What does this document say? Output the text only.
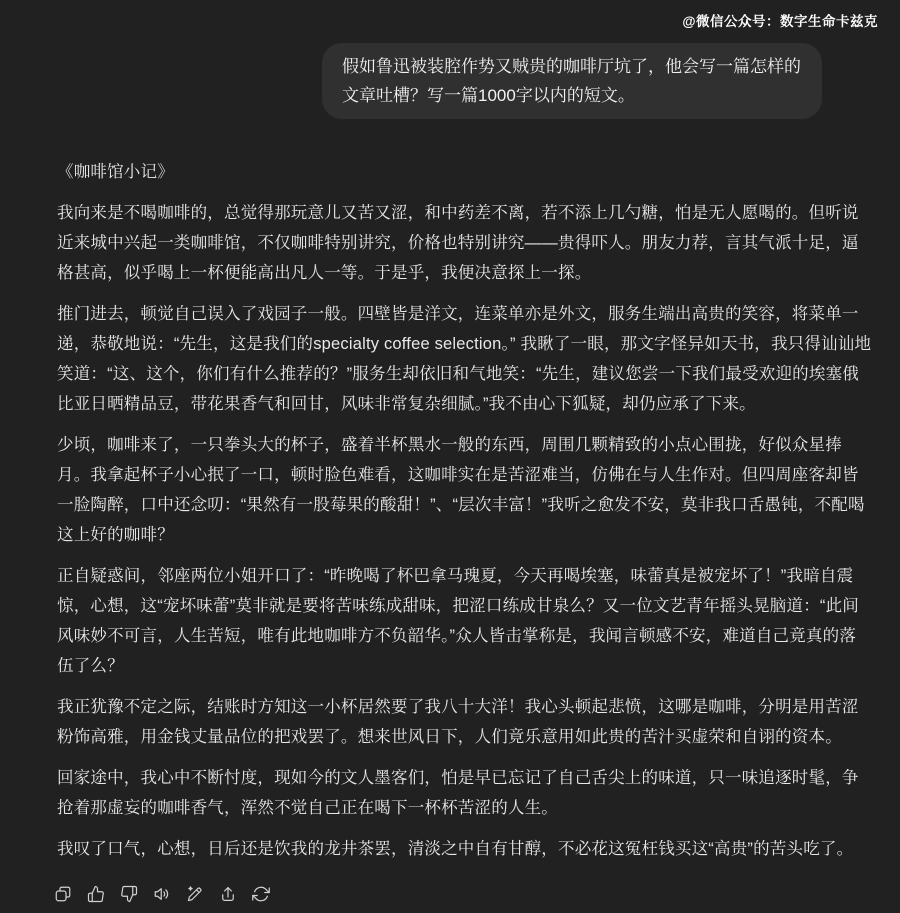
@微信公众号：数字生命卡兹克
假如鲁迅被装腔作势又贼贵的咖啡厅坑了，他会写一篇怎样的文章吐槽？写一篇1000字以内的短文。

《咖啡馆小记》

我向来是不喝咖啡的，总觉得那玩意儿又苦又涩，和中药差不离，若不添上几勺糖，怕是无人愿喝的。但听说近来城中兴起一类咖啡馆，不仅咖啡特别讲究，价格也特别讲究——贵得吓人。朋友力荐，言其气派十足，逼格甚高，似乎喝上一杯便能高出凡人一等。于是乎，我便决意探上一探。

推门进去，顿觉自己误入了戏园子一般。四壁皆是洋文，连菜单亦是外文，服务生端出高贵的笑容，将菜单一递，恭敬地说：“先生，这是我们的specialty coffee selection。” 我瞅了一眼，那文字怪异如天书，我只得讪讪地笑道：“这、这个，你们有什么推荐的？”服务生却依旧和气地笑：“先生，建议您尝一下我们最受欢迎的埃塞俄比亚日晒精品豆，带花果香气和回甘，风味非常复杂细腻。”我不由心下狐疑，却仍应承了下来。

少顷，咖啡来了，一只拳头大的杯子，盛着半杯黑水一般的东西，周围几颗精致的小点心围拢，好似众星捧月。我拿起杯子小心抿了一口，顿时脸色难看，这咖啡实在是苦涩难当，仿佛在与人生作对。但四周座客却皆一脸陶醉，口中还念叨：“果然有一股莓果的酸甜！”、“层次丰富！”我听之愈发不安，莫非我口舌愚钝，不配喝这上好的咖啡？

正自疑惑间，邻座两位小姐开口了：“昨晚喝了杯巴拿马瑰夏，今天再喝埃塞，味蕾真是被宠坏了！”我暗自震惊，心想，这“宠坏味蕾”莫非就是要将苦味练成甜味，把涩口练成甘泉么？又一位文艺青年摇头晃脑道：“此间风味妙不可言，人生苦短，唯有此地咖啡方不负韶华。”众人皆击掌称是，我闻言顿感不安，难道自己竟真的落伍了么？

我正犹豫不定之际，结账时方知这一小杯居然要了我八十大洋！我心头顿起悲愤，这哪是咖啡，分明是用苦涩粉饰高雅，用金钱丈量品位的把戏罢了。想来世风日下，人们竟乐意用如此贵的苦汁买虚荣和自诩的资本。

回家途中，我心中不断忖度，现如今的文人墨客们，怕是早已忘记了自己舌尖上的味道，只一味追逐时髦，争抢着那虚妄的咖啡香气，浑然不觉自己正在喝下一杯杯苦涩的人生。

我叹了口气，心想，日后还是饮我的龙井茶罢，清淡之中自有甘醇，不必花这冤枉钱买这“高贵”的苦头吃了。
